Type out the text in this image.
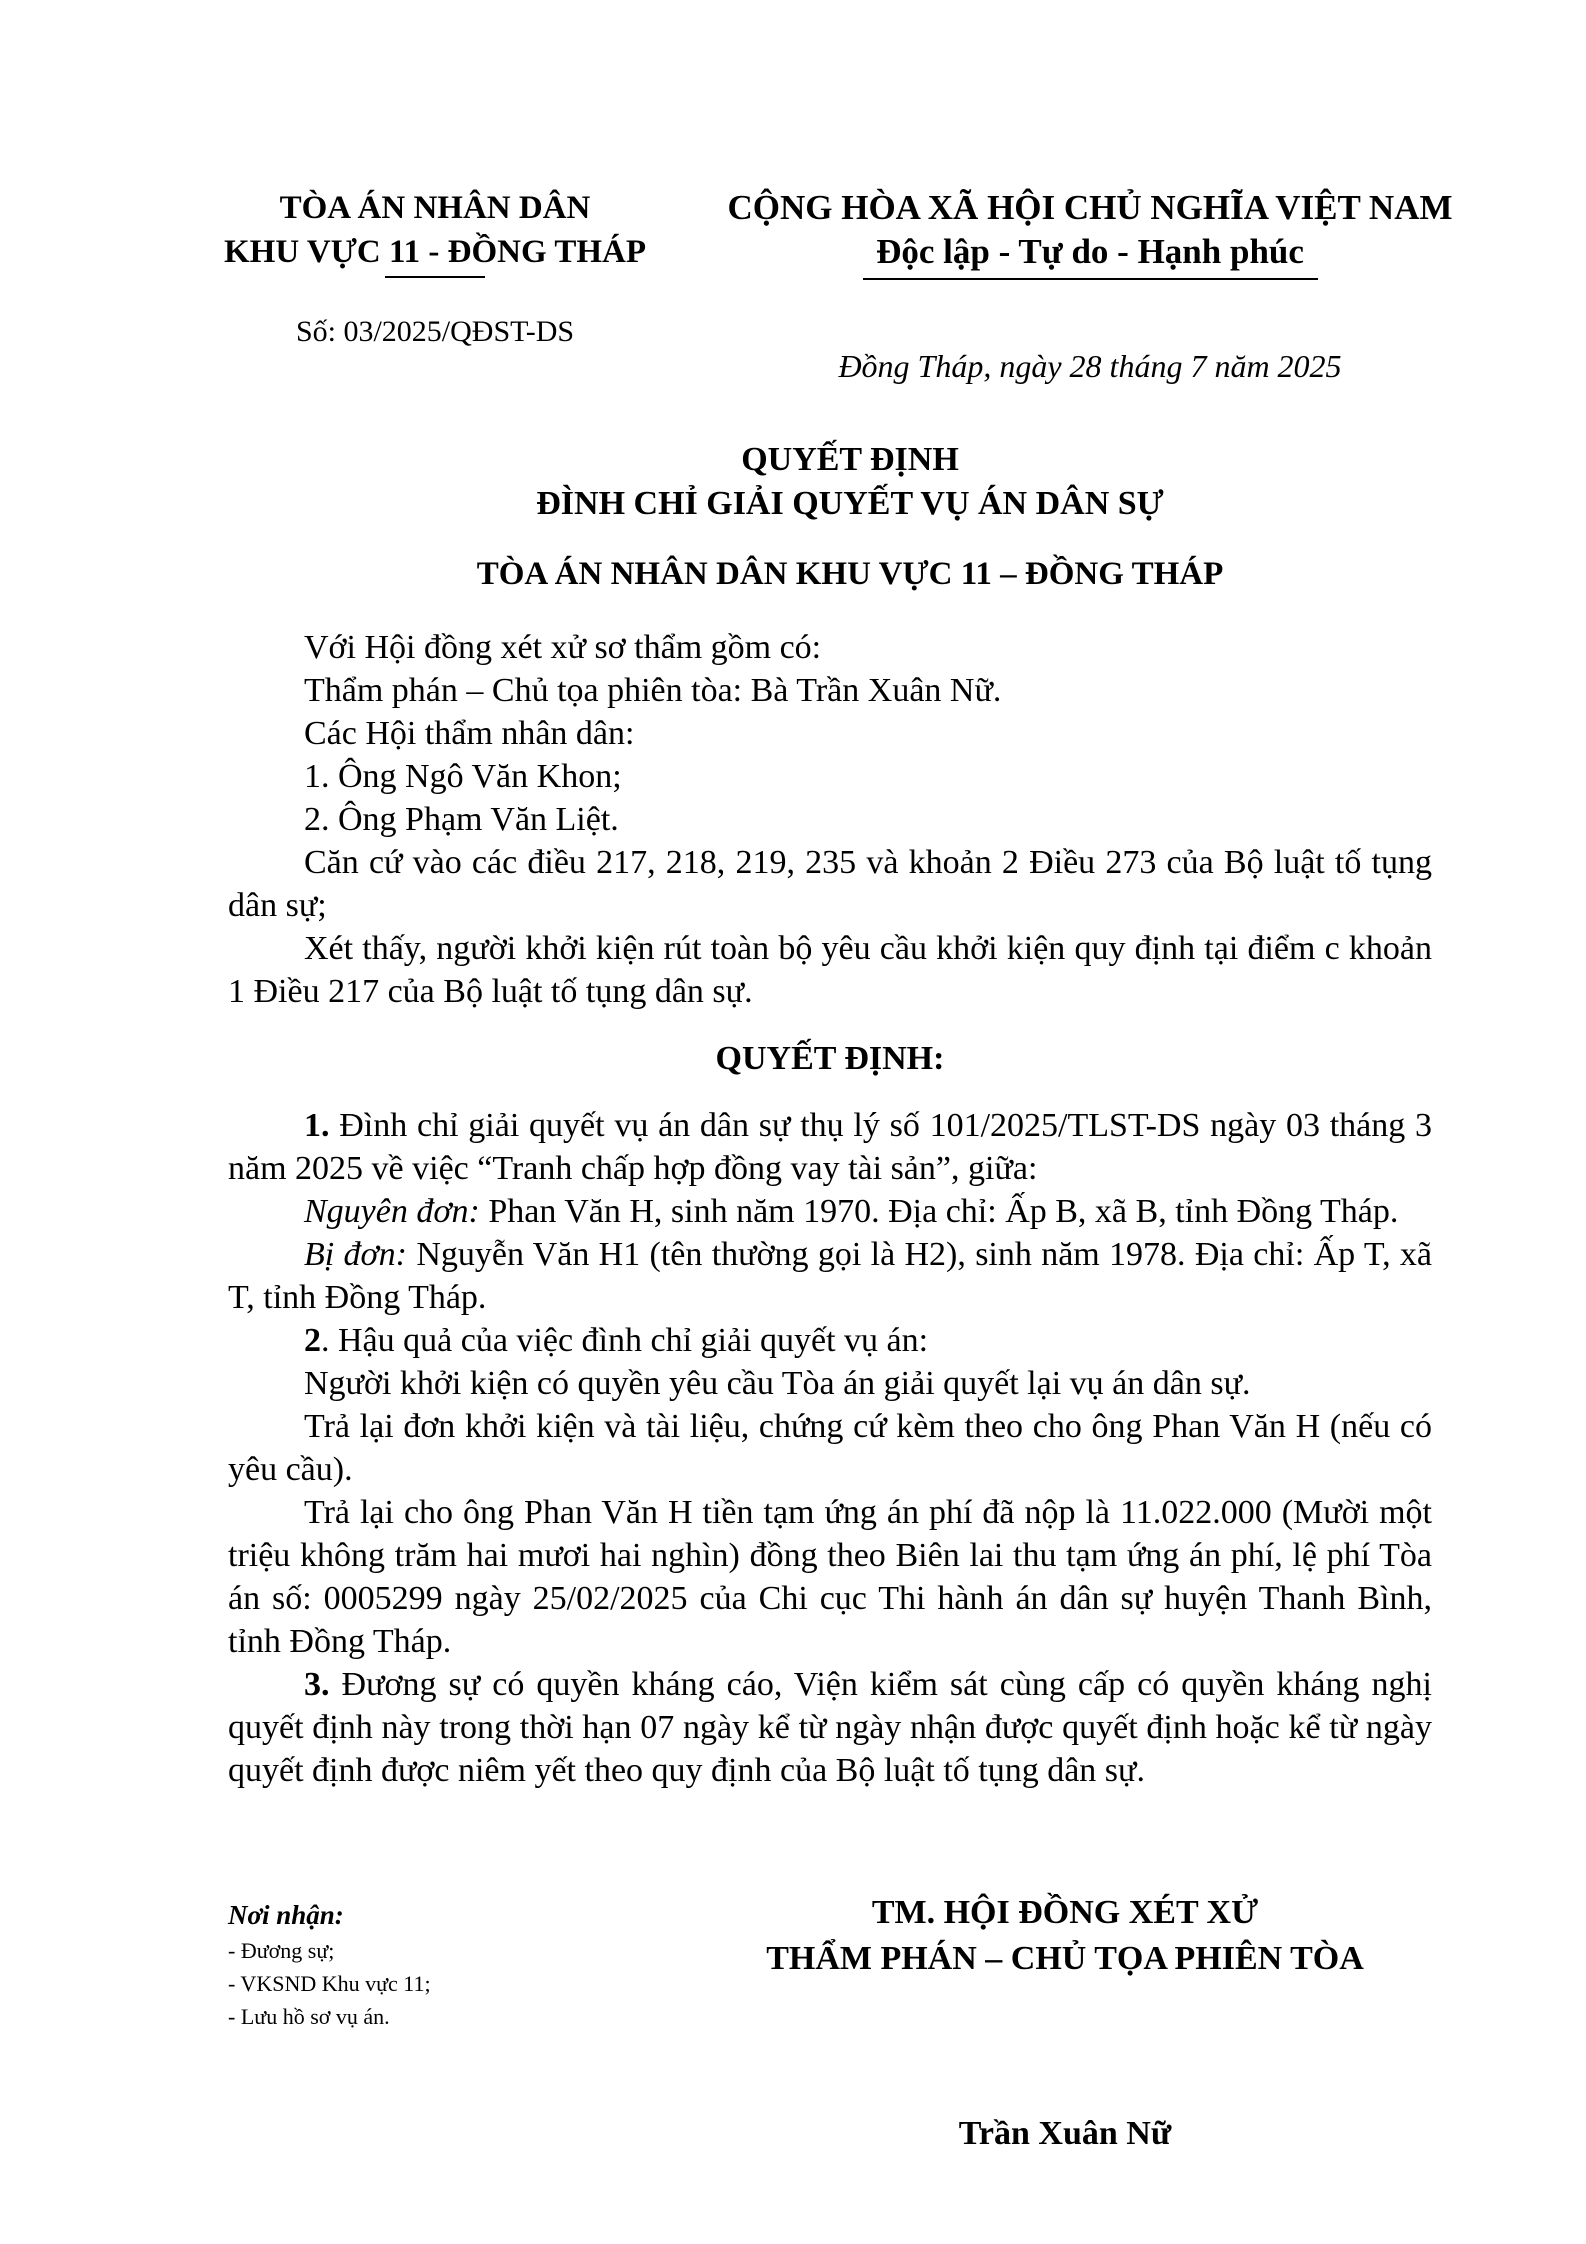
TÒA ÁN NHÂN DÂN
KHU VỰC 11 - ĐỒNG THÁP
Số: 03/2025/QĐST-DS
CỘNG HÒA XÃ HỘI CHỦ NGHĨA VIỆT NAM
Độc lập - Tự do - Hạnh phúc
Đồng Tháp, ngày 28 tháng 7 năm 2025
QUYẾT ĐỊNH
ĐÌNH CHỈ GIẢI QUYẾT VỤ ÁN DÂN SỰ
TÒA ÁN NHÂN DÂN KHU VỰC 11 – ĐỒNG THÁP

Với Hội đồng xét xử sơ thẩm gồm có:

Thẩm phán – Chủ tọa phiên tòa: Bà Trần Xuân Nữ.

Các Hội thẩm nhân dân:

1. Ông Ngô Văn Khon;

2. Ông Phạm Văn Liệt.

Căn cứ vào các điều 217, 218, 219, 235 và khoản 2 Điều 273 của Bộ luật tố tụng dân sự;

Xét thấy, người khởi kiện rút toàn bộ yêu cầu khởi kiện quy định tại điểm c khoản 1 Điều 217 của Bộ luật tố tụng dân sự.

QUYẾT ĐỊNH:

1. Đình chỉ giải quyết vụ án dân sự thụ lý số 101/2025/TLST-DS ngày 03 tháng 3 năm 2025 về việc “Tranh chấp hợp đồng vay tài sản”, giữa:

Nguyên đơn: Phan Văn H, sinh năm 1970. Địa chỉ: Ấp B, xã B, tỉnh Đồng Tháp.

Bị đơn: Nguyễn Văn H1 (tên thường gọi là H2), sinh năm 1978. Địa chỉ: Ấp T, xã T, tỉnh Đồng Tháp.

2. Hậu quả của việc đình chỉ giải quyết vụ án:

Người khởi kiện có quyền yêu cầu Tòa án giải quyết lại vụ án dân sự.

Trả lại đơn khởi kiện và tài liệu, chứng cứ kèm theo cho ông Phan Văn H (nếu có yêu cầu).

Trả lại cho ông Phan Văn H tiền tạm ứng án phí đã nộp là 11.022.000 (Mười một triệu không trăm hai mươi hai nghìn) đồng theo Biên lai thu tạm ứng án phí, lệ phí Tòa án số: 0005299 ngày 25/02/2025 của Chi cục Thi hành án dân sự huyện Thanh Bình, tỉnh Đồng Tháp.

3. Đương sự có quyền kháng cáo, Viện kiểm sát cùng cấp có quyền kháng nghị quyết định này trong thời hạn 07 ngày kể từ ngày nhận được quyết định hoặc kể từ ngày quyết định được niêm yết theo quy định của Bộ luật tố tụng dân sự.

Nơi nhận:
- Đương sự;
- VKSND Khu vực 11;
- Lưu hồ sơ vụ án.
TM. HỘI ĐỒNG XÉT XỬ
THẨM PHÁN – CHỦ TỌA PHIÊN TÒA
Trần Xuân Nữ
